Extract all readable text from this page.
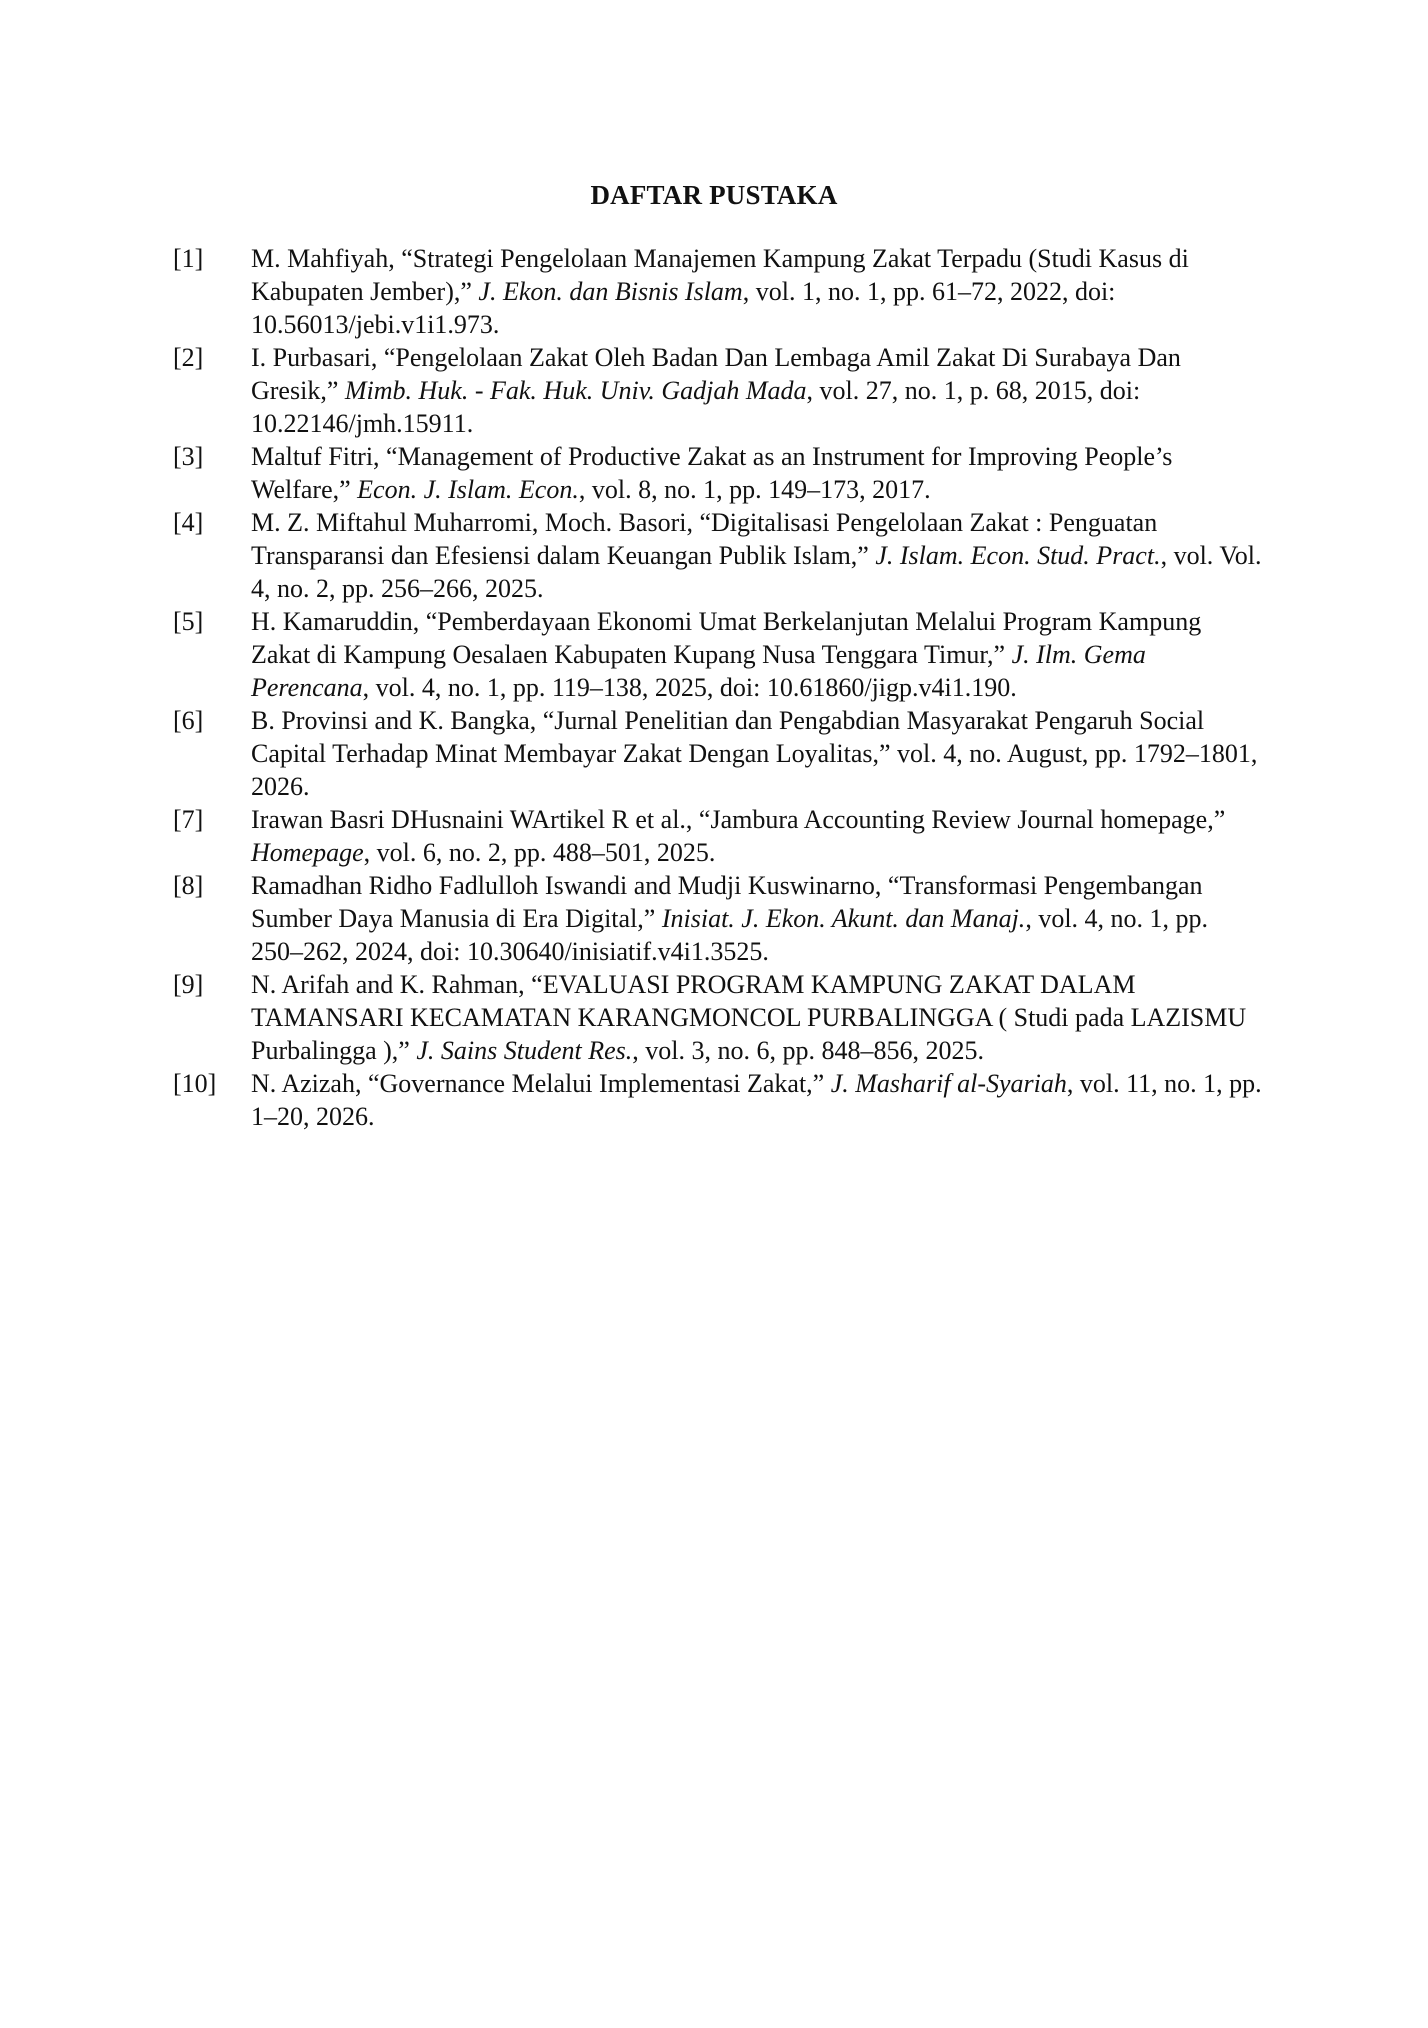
DAFTAR PUSTAKA
[1] M. Mahfiyah, “Strategi Pengelolaan Manajemen Kampung Zakat Terpadu (Studi Kasus di Kabupaten Jember),” J. Ekon. dan Bisnis Islam, vol. 1, no. 1, pp. 61–72, 2022, doi: 10.56013/jebi.v1i1.973.
[2] I. Purbasari, “Pengelolaan Zakat Oleh Badan Dan Lembaga Amil Zakat Di Surabaya Dan Gresik,” Mimb. Huk. - Fak. Huk. Univ. Gadjah Mada, vol. 27, no. 1, p. 68, 2015, doi: 10.22146/jmh.15911.
[3] Maltuf Fitri, “Management of Productive Zakat as an Instrument for Improving People’s Welfare,” Econ. J. Islam. Econ., vol. 8, no. 1, pp. 149–173, 2017.
[4] M. Z. Miftahul Muharromi, Moch. Basori, “Digitalisasi Pengelolaan Zakat : Penguatan Transparansi dan Efesiensi dalam Keuangan Publik Islam,” J. Islam. Econ. Stud. Pract., vol. Vol. 4, no. 2, pp. 256–266, 2025.
[5] H. Kamaruddin, “Pemberdayaan Ekonomi Umat Berkelanjutan Melalui Program Kampung Zakat di Kampung Oesalaen Kabupaten Kupang Nusa Tenggara Timur,” J. Ilm. Gema Perencana, vol. 4, no. 1, pp. 119–138, 2025, doi: 10.61860/jigp.v4i1.190.
[6] B. Provinsi and K. Bangka, “Jurnal Penelitian dan Pengabdian Masyarakat Pengaruh Social Capital Terhadap Minat Membayar Zakat Dengan Loyalitas,” vol. 4, no. August, pp. 1792–1801, 2026.
[7] Irawan Basri DHusnaini WArtikel R et al., “Jambura Accounting Review Journal homepage,” Homepage, vol. 6, no. 2, pp. 488–501, 2025.
[8] Ramadhan Ridho Fadlulloh Iswandi and Mudji Kuswinarno, “Transformasi Pengembangan Sumber Daya Manusia di Era Digital,” Inisiat. J. Ekon. Akunt. dan Manaj., vol. 4, no. 1, pp. 250–262, 2024, doi: 10.30640/inisiatif.v4i1.3525.
[9] N. Arifah and K. Rahman, “EVALUASI PROGRAM KAMPUNG ZAKAT DALAM TAMANSARI KECAMATAN KARANGMONCOL PURBALINGGA ( Studi pada LAZISMU Purbalingga ),” J. Sains Student Res., vol. 3, no. 6, pp. 848–856, 2025.
[10] N. Azizah, “Governance Melalui Implementasi Zakat,” J. Masharif al-Syariah, vol. 11, no. 1, pp. 1–20, 2026.
